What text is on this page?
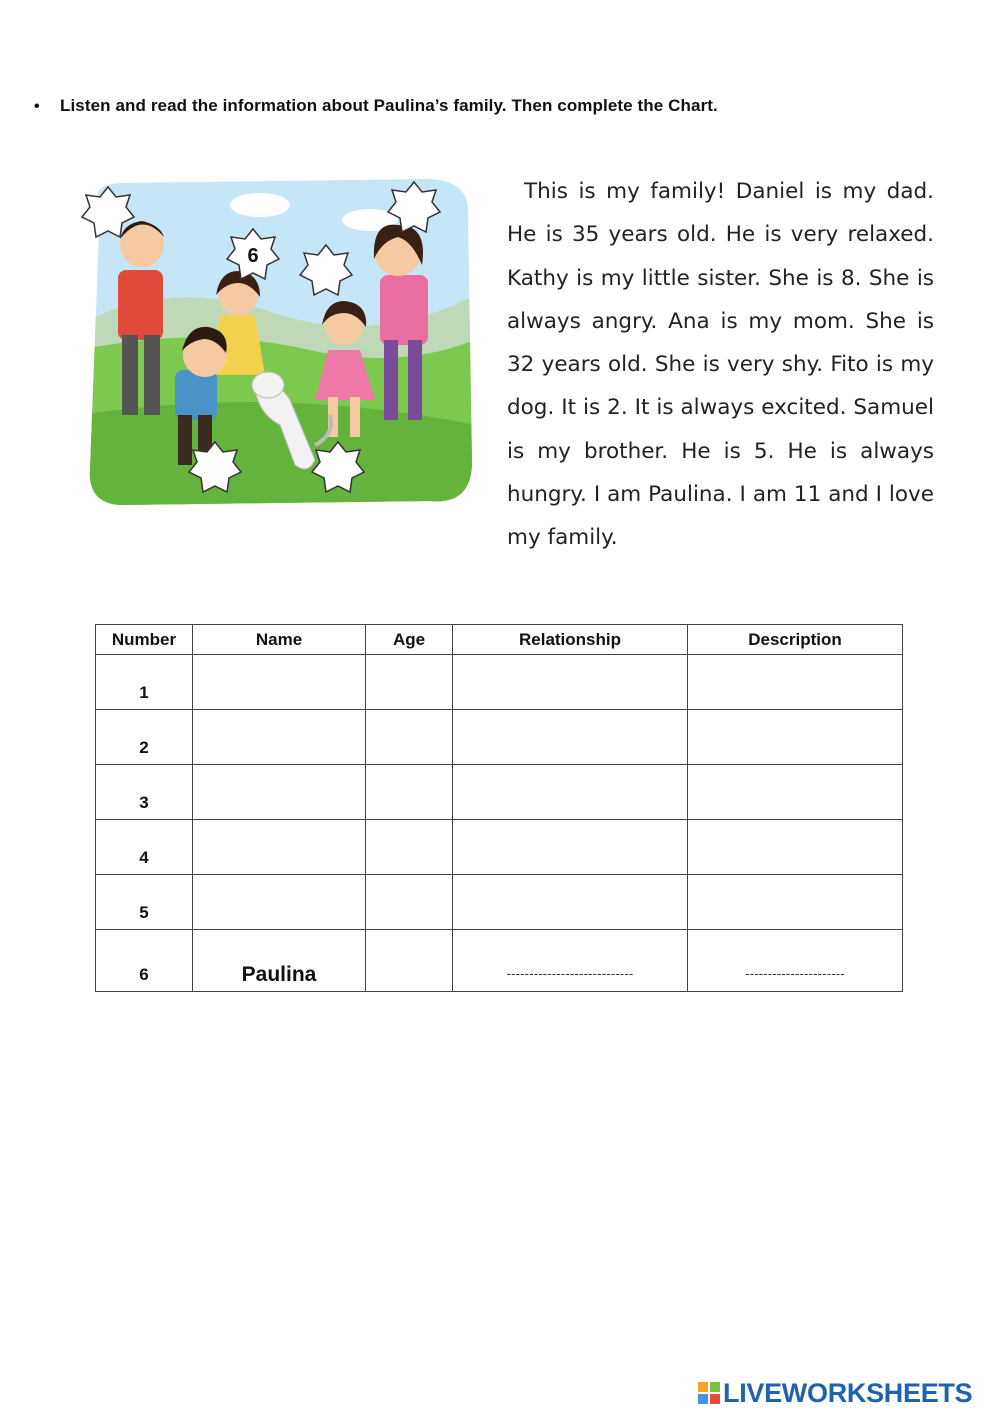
• Listen and read the information about Paulina’s family. Then complete the Chart.
6
This is my family! Daniel is my dad. He is 35 years old. He is very relaxed. Kathy is my little sister. She is 8. She is always angry. Ana is my mom. She is 32 years old. She is very shy. Fito is my dog. It is 2. It is always excited. Samuel is my brother. He is 5. He is always hungry. I am Paulina. I am 11 and I love my family.
Number	Name	Age	Relationship	Description
1				
2				
3				
4				
5				
6	Paulina		----------------------------	----------------------
LIVEWORKSHEETS
